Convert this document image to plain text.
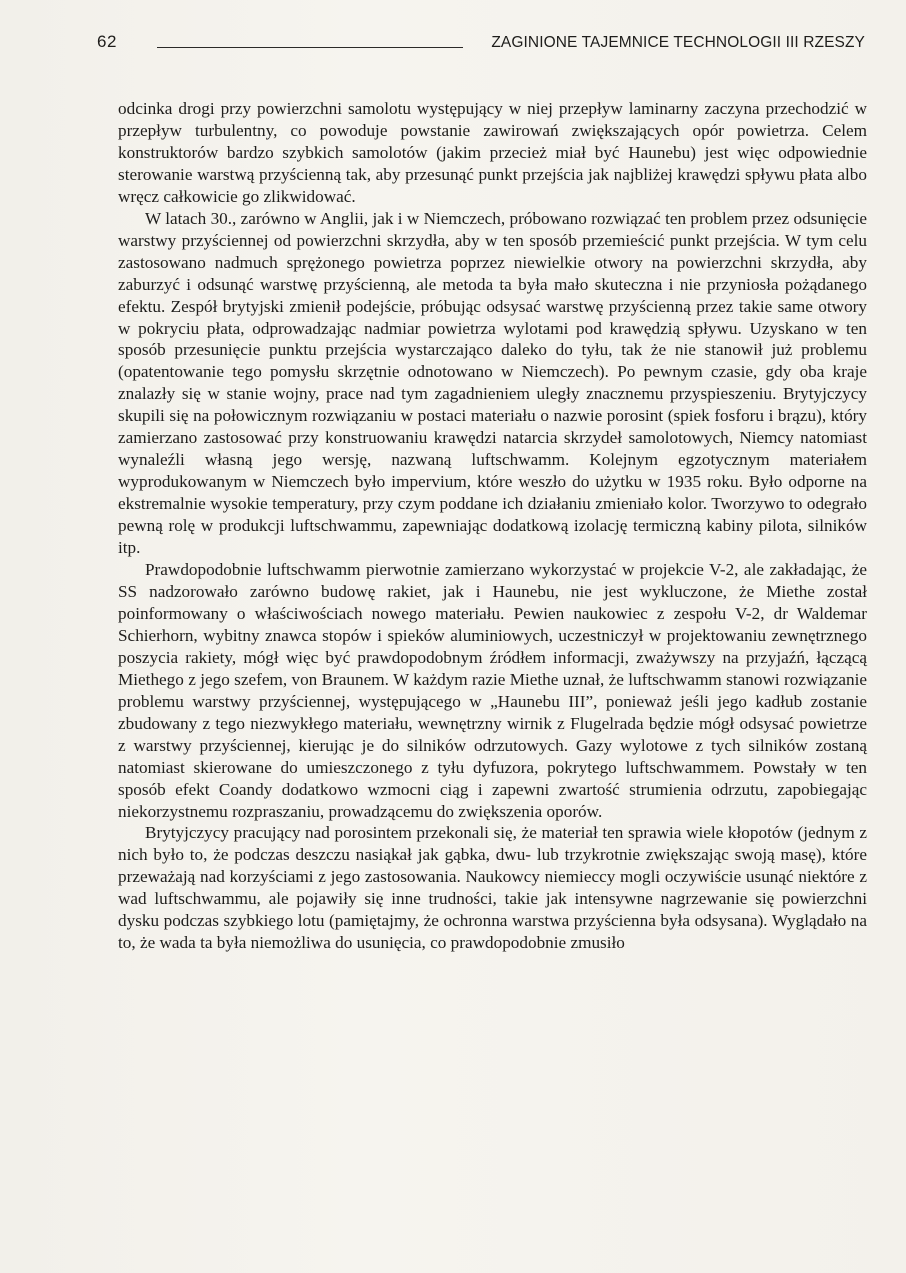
62	ZAGINIONE TAJEMNICE TECHNOLOGII III RZESZY

odcinka drogi przy powierzchni samolotu występujący w niej przepływ laminarny zaczyna przechodzić w przepływ turbulentny, co powoduje powstanie zawirowań zwiększających opór powietrza. Celem konstruktorów bardzo szybkich samolotów (jakim przecież miał być Haunebu) jest więc odpowiednie sterowanie warstwą przyścienną tak, aby przesunąć punkt przejścia jak najbliżej krawędzi spływu płata albo wręcz całkowicie go zlikwidować.

W latach 30., zarówno w Anglii, jak i w Niemczech, próbowano rozwiązać ten problem przez odsunięcie warstwy przyściennej od powierzchni skrzydła, aby w ten sposób przemieścić punkt przejścia. W tym celu zastosowano nadmuch sprężonego powietrza poprzez niewielkie otwory na powierzchni skrzydła, aby zaburzyć i odsunąć warstwę przyścienną, ale metoda ta była mało skuteczna i nie przyniosła pożądanego efektu. Zespół brytyjski zmienił podejście, próbując odsysać warstwę przyścienną przez takie same otwory w pokryciu płata, odprowadzając nadmiar powietrza wylotami pod krawędzią spływu. Uzyskano w ten sposób przesunięcie punktu przejścia wystarczająco daleko do tyłu, tak że nie stanowił już problemu (opatentowanie tego pomysłu skrzętnie odnotowano w Niemczech). Po pewnym czasie, gdy oba kraje znalazły się w stanie wojny, prace nad tym zagadnieniem uległy znacznemu przyspieszeniu. Brytyjczycy skupili się na połowicznym rozwiązaniu w postaci materiału o nazwie porosint (spiek fosforu i brązu), który zamierzano zastosować przy konstruowaniu krawędzi natarcia skrzydeł samolotowych, Niemcy natomiast wynaleźli własną jego wersję, nazwaną luftschwamm. Kolejnym egzotycznym materiałem wyprodukowanym w Niemczech było impervium, które weszło do użytku w 1935 roku. Było odporne na ekstremalnie wysokie temperatury, przy czym poddane ich działaniu zmieniało kolor. Tworzywo to odegrało pewną rolę w produkcji luftschwammu, zapewniając dodatkową izolację termiczną kabiny pilota, silników itp.

Prawdopodobnie luftschwamm pierwotnie zamierzano wykorzystać w projekcie V-2, ale zakładając, że SS nadzorowało zarówno budowę rakiet, jak i Haunebu, nie jest wykluczone, że Miethe został poinformowany o właściwościach nowego materiału. Pewien naukowiec z zespołu V-2, dr Waldemar Schierhorn, wybitny znawca stopów i spieków aluminiowych, uczestniczył w projektowaniu zewnętrznego poszycia rakiety, mógł więc być prawdopodobnym źródłem informacji, zważywszy na przyjaźń, łączącą Miethego z jego szefem, von Braunem. W każdym razie Miethe uznał, że luftschwamm stanowi rozwiązanie problemu warstwy przyściennej, występującego w „Haunebu III”, ponieważ jeśli jego kadłub zostanie zbudowany z tego niezwykłego materiału, wewnętrzny wirnik z Flugelrada będzie mógł odsysać powietrze z warstwy przyściennej, kierując je do silników odrzutowych. Gazy wylotowe z tych silników zostaną natomiast skierowane do umieszczonego z tyłu dyfuzora, pokrytego luftschwammem. Powstały w ten sposób efekt Coandy dodatkowo wzmocni ciąg i zapewni zwartość strumienia odrzutu, zapobiegając niekorzystnemu rozpraszaniu, prowadzącemu do zwiększenia oporów.

Brytyjczycy pracujący nad porosintem przekonali się, że materiał ten sprawia wiele kłopotów (jednym z nich było to, że podczas deszczu nasiąkał jak gąbka, dwu- lub trzykrotnie zwiększając swoją masę), które przeważają nad korzyściami z jego zastosowania. Naukowcy niemieccy mogli oczywiście usunąć niektóre z wad luftschwammu, ale pojawiły się inne trudności, takie jak intensywne nagrzewanie się powierzchni dysku podczas szybkiego lotu (pamiętajmy, że ochronna warstwa przyścienna była odsysana). Wyglądało na to, że wada ta była niemożliwa do usunięcia, co prawdopodobnie zmusiło
